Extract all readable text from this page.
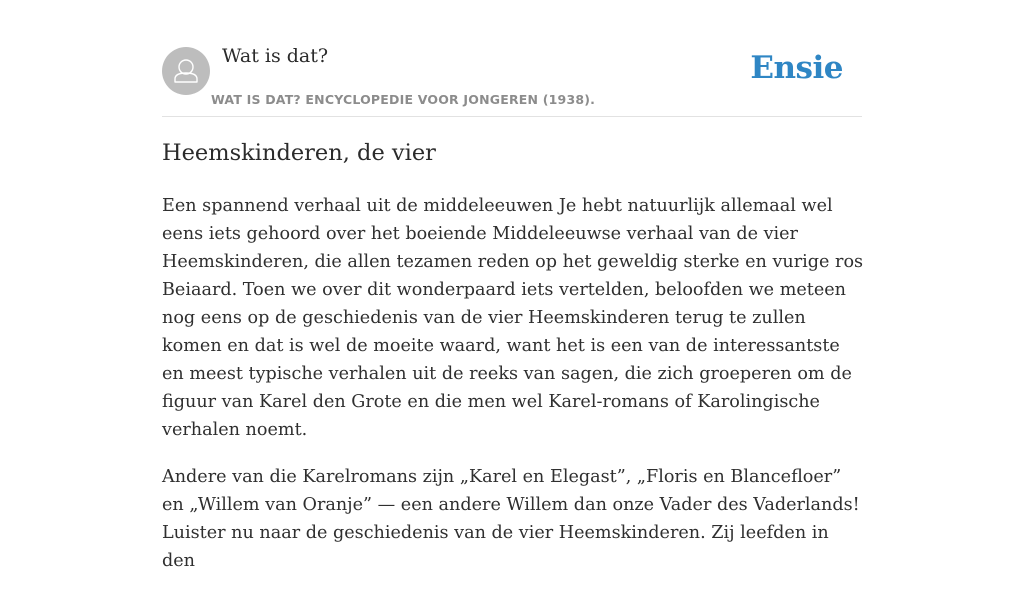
Wat is dat?
WAT IS DAT? ENCYCLOPEDIE VOOR JONGEREN (1938).
Ensie
Heemskinderen, de vier

Een spannend verhaal uit de middeleeuwen Je hebt natuurlijk allemaal wel eens iets gehoord over het boeiende Middeleeuwse verhaal van de vier Heemskinderen, die allen tezamen reden op het geweldig sterke en vurige ros Beiaard. Toen we over dit wonderpaard iets vertelden, beloofden we meteen nog eens op de geschiedenis van de vier Heemskinderen terug te zullen komen en dat is wel de moeite waard, want het is een van de interessantste en meest typische verhalen uit de reeks van sagen, die zich groeperen om de figuur van Karel den Grote en die men wel Karel-romans of Karolingische verhalen noemt.

Andere van die Karelromans zijn „Karel en Elegast”, „Floris en Blancefloer” en „Willem van Oranje” — een andere Willem dan onze Vader des Vaderlands! Luister nu naar de geschiedenis van de vier Heemskinderen. Zij leefden in den
